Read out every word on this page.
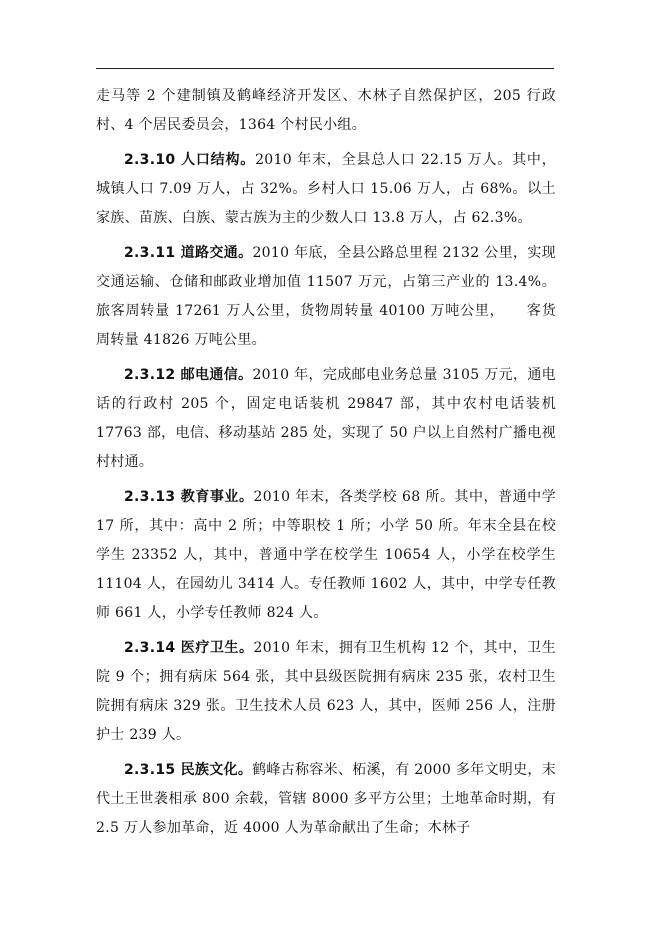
走马等 2 个建制镇及鹤峰经济开发区、木林子自然保护区，205 行政村、4 个居民委员会，1364 个村民小组。

2.3.10 人口结构。2010 年末，全县总人口 22.15 万人。其中，城镇人口 7.09 万人，占 32%。乡村人口 15.06 万人，占 68%。以土家族、苗族、白族、蒙古族为主的少数人口 13.8 万人，占 62.3%。

2.3.11 道路交通。2010 年底，全县公路总里程 2132 公里，实现交通运输、仓储和邮政业增加值 11507 万元，占第三产业的 13.4%。旅客周转量 17261 万人公里，货物周转量 40100 万吨公里，　　客货周转量 41826 万吨公里。

2.3.12 邮电通信。2010 年，完成邮电业务总量 3105 万元，通电话的行政村 205 个，固定电话装机 29847 部，其中农村电话装机 17763 部，电信、移动基站 285 处，实现了 50 户以上自然村广播电视村村通。

2.3.13 教育事业。2010 年末，各类学校 68 所。其中，普通中学 17 所，其中：高中 2 所；中等职校 1 所；小学 50 所。年末全县在校学生 23352 人，其中，普通中学在校学生 10654 人，小学在校学生 11104 人，在园幼儿 3414 人。专任教师 1602 人，其中，中学专任教师 661 人，小学专任教师 824 人。

2.3.14 医疗卫生。2010 年末，拥有卫生机构 12 个，其中，卫生院 9 个；拥有病床 564 张，其中县级医院拥有病床 235 张，农村卫生院拥有病床 329 张。卫生技术人员 623 人，其中，医师 256 人，注册护士 239 人。

2.3.15 民族文化。鹤峰古称容米、柘溪，有 2000 多年文明史，末代土王世袭相承 800 余载，管辖 8000 多平方公里；土地革命时期，有 2.5 万人参加革命，近 4000 人为革命献出了生命；木林子
